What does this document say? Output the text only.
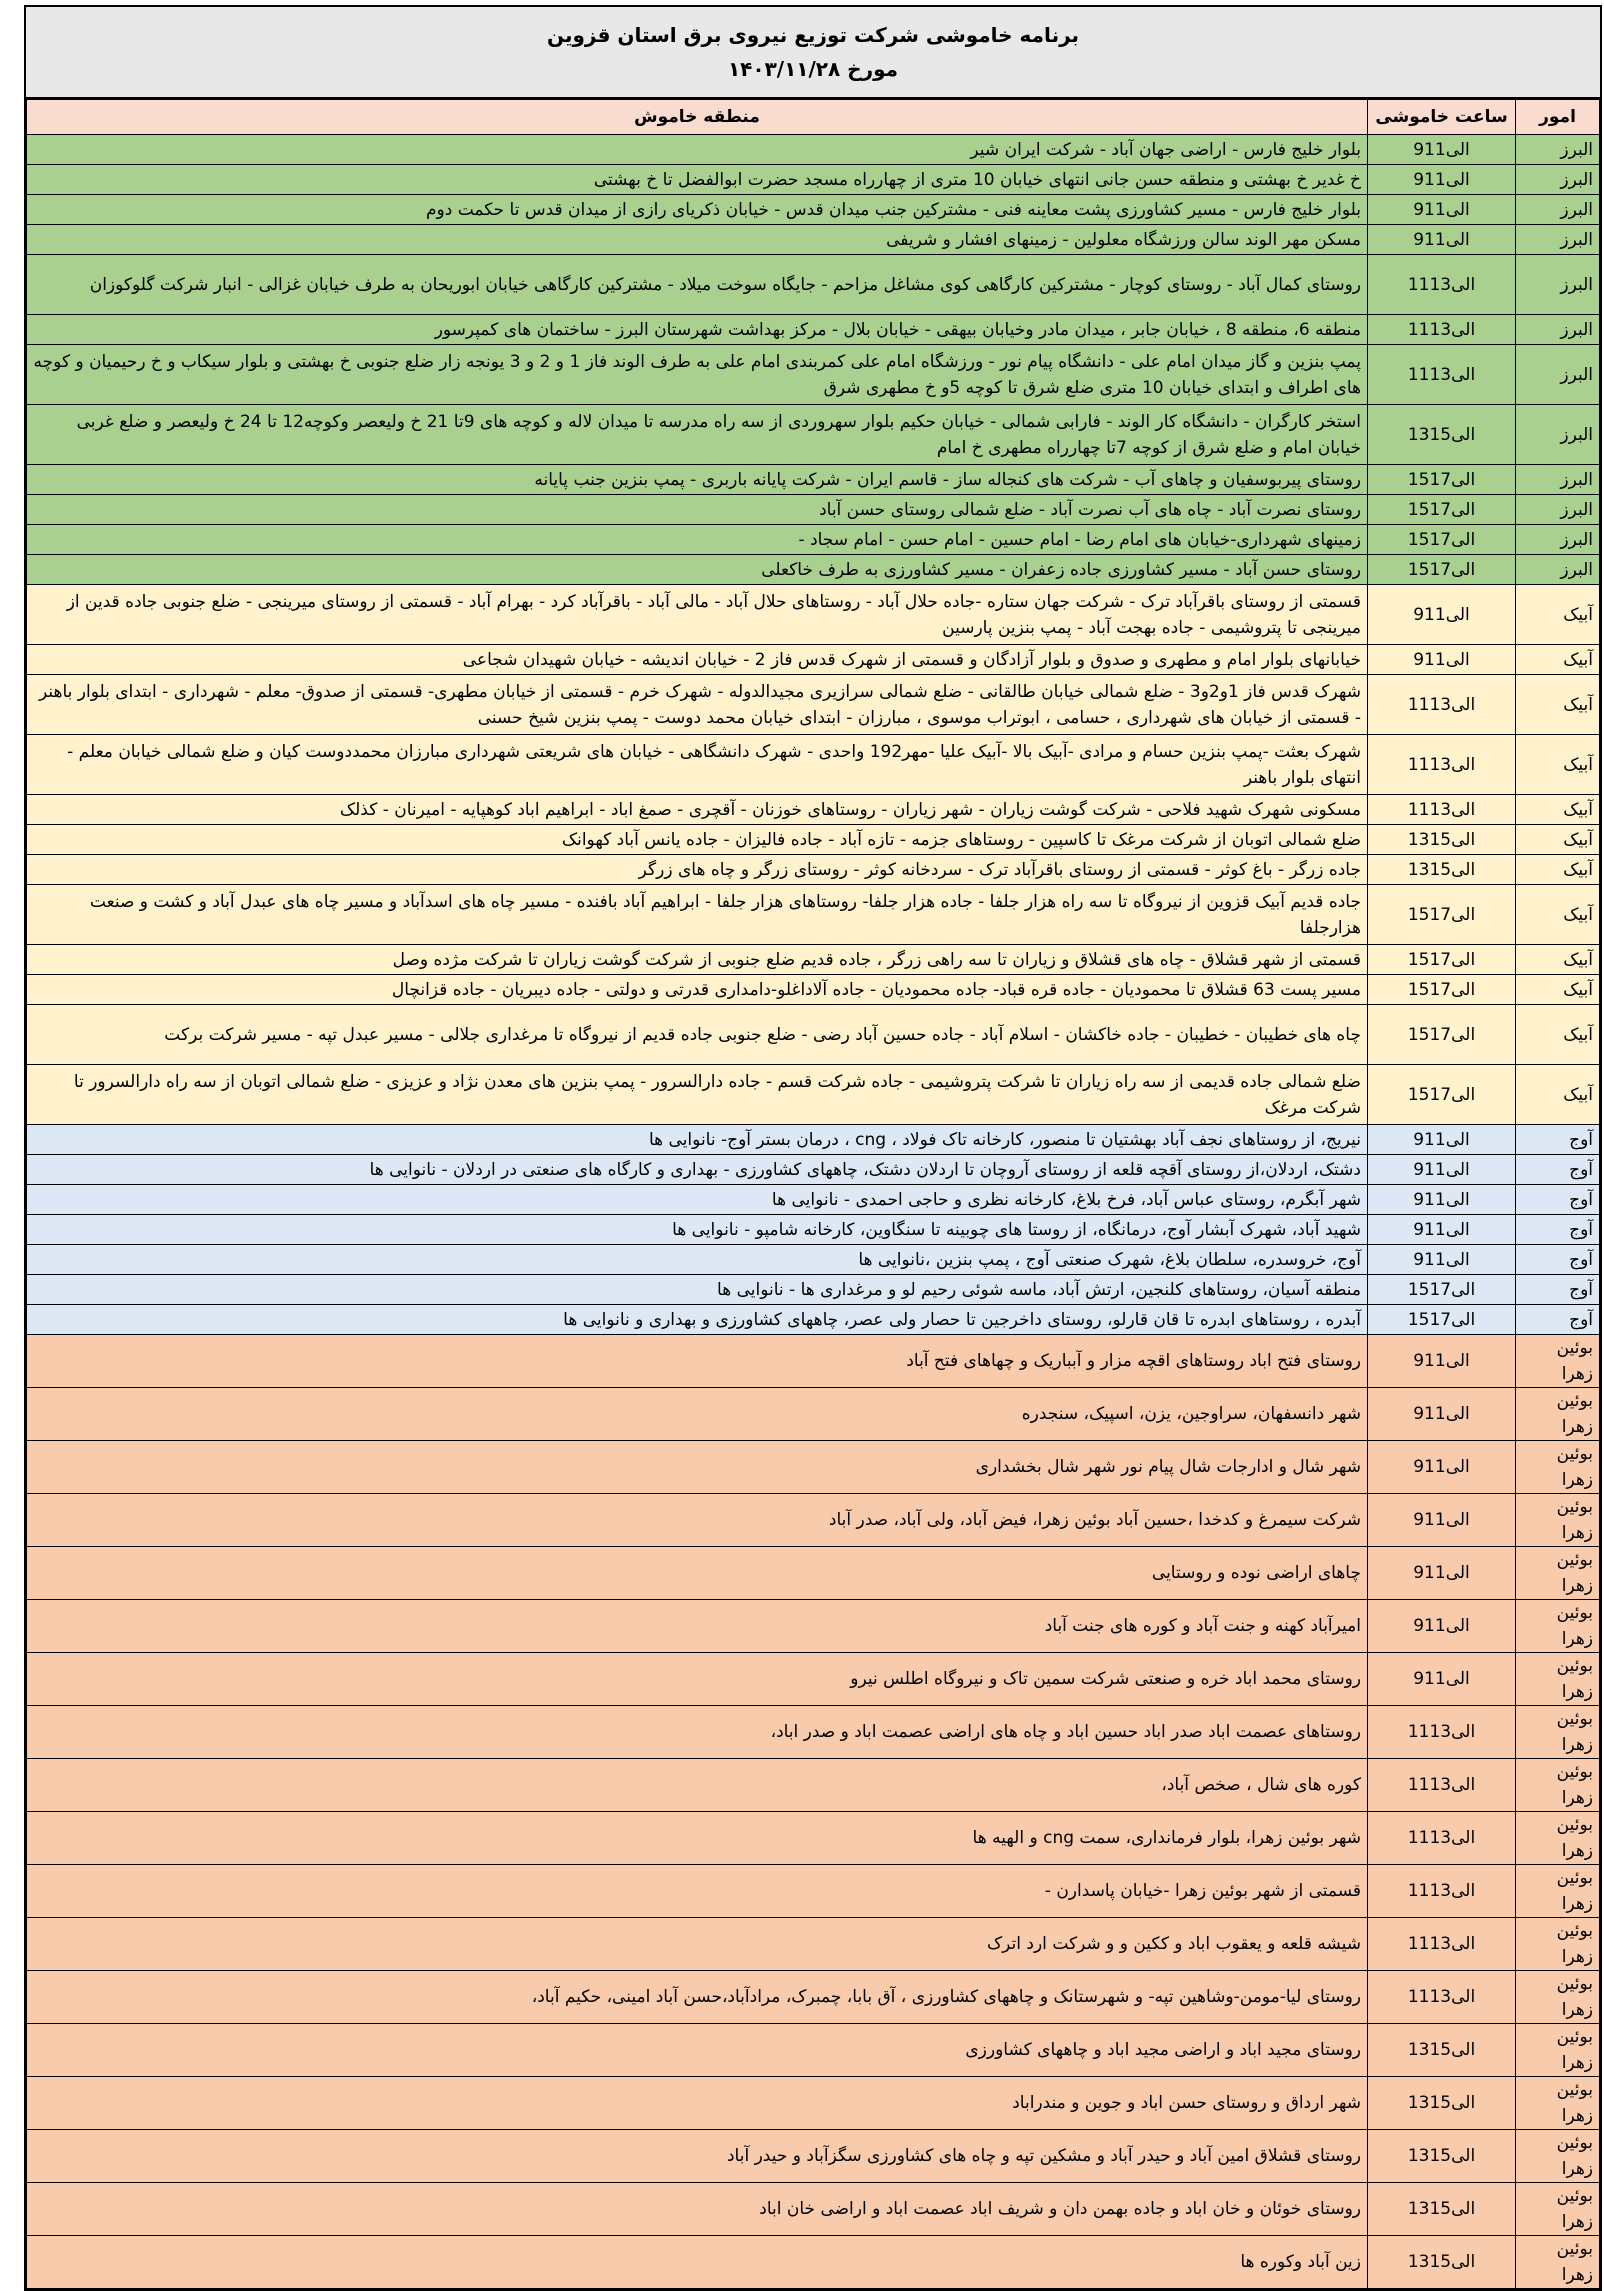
برنامه خاموشی شرکت توزیع نیروی برق استان قزوین
مورخ ۱۴۰۳/۱۱/۲۸
امور	ساعت خاموشی	منطقه خاموش
البرز	9الی11	بلوار خلیج فارس - اراضی جهان آباد - شرکت ایران شیر
البرز	9الی11	خ غدیر خ بهشتی و منطقه حسن جانی انتهای خیابان 10 متری از چهارراه مسجد حضرت ابوالفضل تا خ بهشتی
البرز	9الی11	بلوار خلیج فارس - مسیر کشاورزی پشت معاینه فنی - مشترکین جنب میدان قدس - خیابان ذکریای رازی از میدان قدس تا حکمت دوم
البرز	9الی11	مسکن مهر الوند سالن ورزشگاه معلولین - زمینهای افشار و شریفی
البرز	11الی13	روستای کمال آباد - روستای کوچار - مشترکین کارگاهی کوی مشاغل مزاحم - جایگاه سوخت میلاد - مشترکین کارگاهی خیابان ابوریحان به طرف خیابان غزالی - انبار شرکت گلوکوزان
البرز	11الی13	منطقه 6، منطقه 8 ، خیابان جابر ، میدان مادر وخیابان بیهقی - خیابان بلال - مرکز بهداشت شهرستان البرز - ساختمان های کمپرسور
البرز	11الی13	پمپ بنزین و گاز میدان امام علی - دانشگاه پیام نور - ورزشگاه امام علی کمربندی امام علی به طرف الوند فاز 1 و 2 و 3 یونجه زار ضلع جنوبی خ بهشتی و بلوار سیکاب و خ رحیمیان و کوچه های اطراف و ابتدای خیابان 10 متری ضلع شرق تا کوچه 5و خ مطهری شرق
البرز	13الی15	استخر کارگران - دانشگاه کار الوند - فارابی شمالی - خیابان حکیم بلوار سهروردی از سه راه مدرسه تا میدان لاله و کوچه های 9تا 21 خ ولیعصر وکوچه12 تا 24 خ ولیعصر و ضلع غربی خیابان امام و ضلع شرق از کوچه 7تا چهارراه مطهری خ امام
البرز	15الی17	روستای پیربوسفیان و چاهای آب - شرکت های کنجاله ساز - قاسم ایران - شرکت پایانه باربری - پمپ بنزین جنب پایانه
البرز	15الی17	روستای نصرت آباد - چاه های آب نصرت آباد - ضلع شمالی روستای حسن آباد
البرز	15الی17	زمینهای شهرداری-خیابان های امام رضا - امام حسین - امام حسن - امام سجاد -
البرز	15الی17	روستای حسن آباد - مسیر کشاورزی جاده زعفران - مسیر کشاورزی به طرف خاکعلی
آبیک	9الی11	قسمتی از روستای باقرآباد ترک - شرکت جهان ستاره -جاده حلال آباد - روستاهای حلال آباد - مالی آباد - باقرآباد کرد - بهرام آباد - قسمتی از روستای میرینجی - ضلع جنوبی جاده قدین از میرینجی تا پتروشیمی - جاده بهجت آباد - پمپ بنزین پارسین
آبیک	9الی11	خیابانهای بلوار امام و مطهری و صدوق و بلوار آزادگان و قسمتی از شهرک قدس فاز 2 - خیابان اندیشه - خیابان شهیدان شجاعی
آبیک	11الی13	شهرک قدس فاز 1و2و3 - ضلع شمالی خیابان طالقانی - ضلع شمالی سرازیری مجیدالدوله - شهرک خرم - قسمتی از خیابان مطهری- قسمتی از صدوق- معلم - شهرداری - ابتدای بلوار باهنر - قسمتی از خیابان های شهرداری ، حسامی ، ابوتراب موسوی ، مبارزان - ابتدای خیابان محمد دوست - پمپ بنزین شیخ حسنی
آبیک	11الی13	شهرک بعثت -پمپ بنزین حسام و مرادی -آبیک بالا -آبیک علیا -مهر192 واحدی - شهرک دانشگاهی - خیابان های شریعتی شهرداری مبارزان محمددوست کیان و ضلع شمالی خیابان معلم - انتهای بلوار باهنر
آبیک	11الی13	مسکونی شهرک شهید فلاحی - شرکت گوشت زیاران - شهر زیاران - روستاهای خوزنان - آقچری - صمغ اباد - ابراهیم اباد کوهپایه - امیرنان - کذلک
آبیک	13الی15	ضلع شمالی اتوبان از شرکت مرغک تا کاسپین - روستاهای جزمه - تازه آباد - جاده فالیزان - جاده یانس آباد کهوانک
آبیک	13الی15	جاده زرگر - باغ کوثر - قسمتی از روستای باقرآباد ترک - سردخانه کوثر - روستای زرگر و چاه های زرگر
آبیک	15الی17	جاده قدیم آبیک قزوین از نیروگاه تا سه راه هزار جلفا - جاده هزار جلفا- روستاهای هزار جلفا - ابراهیم آباد بافنده - مسیر چاه های اسدآباد و مسیر چاه های عبدل آباد و کشت و صنعت هزارجلفا
آبیک	15الی17	قسمتی از شهر قشلاق - چاه های قشلاق و زیاران تا سه راهی زرگر ، جاده قدیم ضلع جنوبی از شرکت گوشت زیاران تا شرکت مژده وصل
آبیک	15الی17	مسیر پست 63 قشلاق تا محمودیان - جاده قره قباد- جاده محمودیان - جاده آلاداغلو-دامداری قدرتی و دولتی - جاده دیبریان - جاده قزانچال
آبیک	15الی17	چاه های خطیبان - خطیبان - جاده خاکشان - اسلام آباد - جاده حسین آباد رضی - ضلع جنوبی جاده قدیم از نیروگاه تا مرغداری جلالی - مسیر عبدل تپه - مسیر شرکت برکت
آبیک	15الی17	ضلع شمالی جاده قدیمی از سه راه زیاران تا شرکت پتروشیمی - جاده شرکت قسم - جاده دارالسرور - پمپ بنزین های معدن نژاد و عزیزی - ضلع شمالی اتوبان از سه راه دارالسرور تا شرکت مرغک
آوج	9الی11	نیریج، از روستاهای نجف آباد بهشتیان تا منصور، کارخانه تاک فولاد ، cng ، درمان بستر آوج- نانوایی ها
آوج	9الی11	دشتک، اردلان،از روستای آقچه قلعه از روستای آروچان تا اردلان دشتک، چاههای کشاورزی - بهداری و کارگاه های صنعتی در اردلان - نانوایی ها
آوج	9الی11	شهر آبگرم، روستای عباس آباد، فرخ بلاغ، کارخانه نظری و حاجی احمدی - نانوایی ها
آوج	9الی11	شهید آباد، شهرک آبشار آوج، درمانگاه، از روستا های چوبینه تا سنگاوین، کارخانه شامپو - نانوایی ها
آوج	9الی11	آوج، خروسدره، سلطان بلاغ، شهرک صنعتی آوج ، پمپ بنزین ،نانوایی ها
آوج	15الی17	منطقه آسیان، روستاهای کلنجین، ارتش آباد، ماسه شوئی رحیم لو و مرغداری ها - نانوایی ها
آوج	15الی17	آبدره ، روستاهای ابدره تا قان قارلو، روستای داخرجین تا حصار ولی عصر، چاههای کشاورزی و بهداری و نانوایی ها
بوئین زهرا	9الی11	روستای فتح اباد روستاهای اقچه مزار و آبباریک و چهاهای فتح آباد
بوئین زهرا	9الی11	شهر دانسفهان، سراوجین، یزن، اسپیک، سنجدره
بوئین زهرا	9الی11	شهر شال و ادارجات شال پیام نور شهر شال بخشداری
بوئین زهرا	9الی11	شرکت سیمرغ و کدخدا ،حسین آباد بوئین زهرا، فیض آباد، ولی آباد، صدر آباد
بوئین زهرا	9الی11	چاهای اراضی نوده و روستایی
بوئین زهرا	9الی11	امیرآباد کهنه و جنت آباد و کوره های جنت آباد
بوئین زهرا	9الی11	روستای محمد اباد خره و صنعتی شرکت سمین تاک و نیروگاه اطلس نیرو
بوئین زهرا	11الی13	روستاهای عصمت اباد صدر اباد حسین اباد و چاه های اراضی عصمت اباد و صدر اباد،
بوئین زهرا	11الی13	کوره های شال ، صخص آباد،
بوئین زهرا	11الی13	شهر بوئین زهرا، بلوار فرمانداری، سمت cng و الهیه ها
بوئین زهرا	11الی13	قسمتی از شهر بوئین زهرا -خیابان پاسدارن -
بوئین زهرا	11الی13	شیشه قلعه و یعقوب اباد و ککین و و شرکت ارد اترک
بوئین زهرا	11الی13	روستای لیا-مومن-وشاهین تپه- و شهرستانک و چاههای کشاورزی ، آق بابا، چمبرک، مرادآباد،حسن آباد امینی، حکیم آباد،
بوئین زهرا	13الی15	روستای مجید اباد و اراضی مجید اباد و چاههای کشاورزی
بوئین زهرا	13الی15	شهر ارداق و روستای حسن اباد و جوین و مندراباد
بوئین زهرا	13الی15	روستای قشلاق امین آباد و حیدر آباد و مشکین تپه و چاه های کشاورزی سگزآباد و حیدر آباد
بوئین زهرا	13الی15	روستای خوئان و خان اباد و جاده بهمن دان و شریف اباد عصمت اباد و اراضی خان اباد
بوئین زهرا	13الی15	زین آباد وکوره ها
